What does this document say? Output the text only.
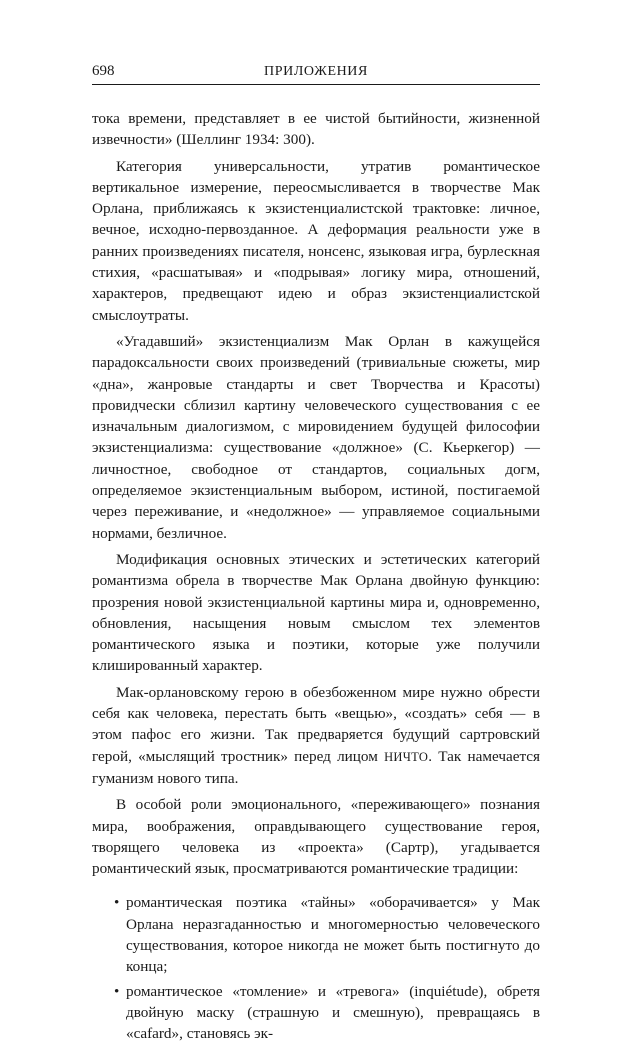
698	ПРИЛОЖЕНИЯ

тока времени, представляет в ее чистой бытийности, жизненной извечности» (Шеллинг 1934: 300).

Категория универсальности, утратив романтическое вертикальное измерение, переосмысливается в творчестве Мак Орлана, приближаясь к экзистенциалистской трактовке: личное, вечное, исходно-первозданное. А деформация реальности уже в ранних произведениях писателя, нонсенс, языковая игра, бурлескная стихия, «расшатывая» и «подрывая» логику мира, отношений, характеров, предвещают идею и образ экзистенциалистской смыслоутраты.

«Угадавший» экзистенциализм Мак Орлан в кажущейся парадоксальности своих произведений (тривиальные сюжеты, мир «дна», жанровые стандарты и свет Творчества и Красоты) провидчески сблизил картину человеческого существования с ее изначальным диалогизмом, с мировидением будущей философии экзистенциализма: существование «должное» (С. Кьеркегор) — личностное, свободное от стандартов, социальных догм, определяемое экзистенциальным выбором, истиной, постигаемой через переживание, и «недолжное» — управляемое социальными нормами, безличное.

Модификация основных этических и эстетических категорий романтизма обрела в творчестве Мак Орлана двойную функцию: прозрения новой экзистенциальной картины мира и, одновременно, обновления, насыщения новым смыслом тех элементов романтического языка и поэтики, которые уже получили клишированный характер.

Мак-орлановскому герою в обезбоженном мире нужно обрести себя как человека, перестать быть «вещью», «создать» себя — в этом пафос его жизни. Так предваряется будущий сартровский герой, «мыслящий тростник» перед лицом НИЧТО. Так намечается гуманизм нового типа.

В особой роли эмоционального, «переживающего» познания мира, воображения, оправдывающего существование героя, творящего человека из «проекта» (Сартр), угадывается романтический язык, просматриваются романтические традиции:

• романтическая поэтика «тайны» «оборачивается» у Мак Орлана неразгаданностью и многомерностью человеческого существования, которое никогда не может быть постигнуто до конца;
• романтическое «томление» и «тревога» (inquiétude), обретя двойную маску (страшную и смешную), превращаясь в «cafard», становясь эк-
